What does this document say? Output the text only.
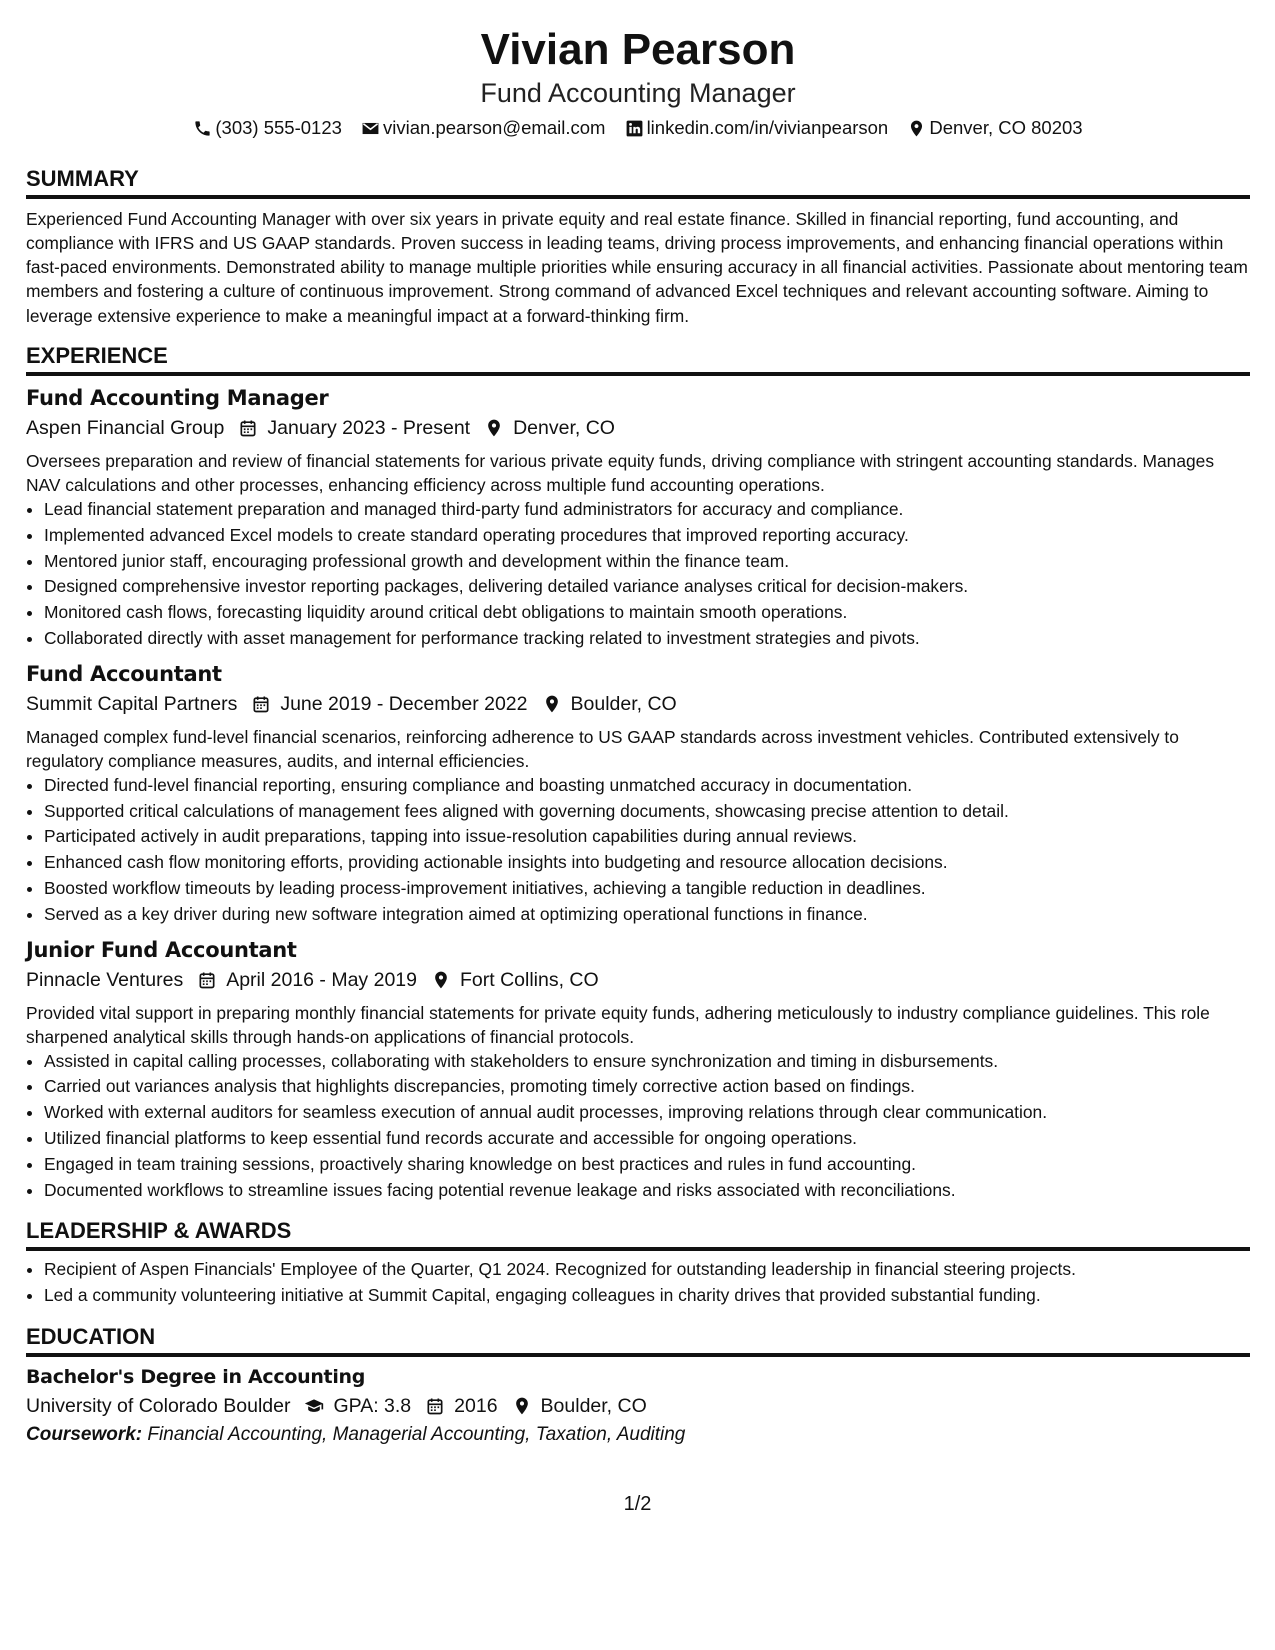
Vivian Pearson
Fund Accounting Manager
(303) 555-0123
vivian.pearson@email.com
linkedin.com/in/vivianpearson
Denver, CO 80203
SUMMARY

Experienced Fund Accounting Manager with over six years in private equity and real estate finance. Skilled in financial reporting, fund accounting, and compliance with IFRS and US GAAP standards. Proven success in leading teams, driving process improvements, and enhancing financial operations within fast-paced environments. Demonstrated ability to manage multiple priorities while ensuring accuracy in all financial activities. Passionate about mentoring team members and fostering a culture of continuous improvement. Strong command of advanced Excel techniques and relevant accounting software. Aiming to leverage extensive experience to make a meaningful impact at a forward-thinking firm.

EXPERIENCE
Fund Accounting Manager
Aspen Financial Group January 2023 - Present Denver, CO

Oversees preparation and review of financial statements for various private equity funds, driving compliance with stringent accounting standards. Manages NAV calculations and other processes, enhancing efficiency across multiple fund accounting operations.

• Lead financial statement preparation and managed third-party fund administrators for accuracy and compliance.
• Implemented advanced Excel models to create standard operating procedures that improved reporting accuracy.
• Mentored junior staff, encouraging professional growth and development within the finance team.
• Designed comprehensive investor reporting packages, delivering detailed variance analyses critical for decision-makers.
• Monitored cash flows, forecasting liquidity around critical debt obligations to maintain smooth operations.
• Collaborated directly with asset management for performance tracking related to investment strategies and pivots.
Fund Accountant
Summit Capital Partners June 2019 - December 2022 Boulder, CO

Managed complex fund-level financial scenarios, reinforcing adherence to US GAAP standards across investment vehicles. Contributed extensively to regulatory compliance measures, audits, and internal efficiencies.

• Directed fund-level financial reporting, ensuring compliance and boasting unmatched accuracy in documentation.
• Supported critical calculations of management fees aligned with governing documents, showcasing precise attention to detail.
• Participated actively in audit preparations, tapping into issue-resolution capabilities during annual reviews.
• Enhanced cash flow monitoring efforts, providing actionable insights into budgeting and resource allocation decisions.
• Boosted workflow timeouts by leading process-improvement initiatives, achieving a tangible reduction in deadlines.
• Served as a key driver during new software integration aimed at optimizing operational functions in finance.
Junior Fund Accountant
Pinnacle Ventures April 2016 - May 2019 Fort Collins, CO

Provided vital support in preparing monthly financial statements for private equity funds, adhering meticulously to industry compliance guidelines. This role sharpened analytical skills through hands-on applications of financial protocols.

• Assisted in capital calling processes, collaborating with stakeholders to ensure synchronization and timing in disbursements.
• Carried out variances analysis that highlights discrepancies, promoting timely corrective action based on findings.
• Worked with external auditors for seamless execution of annual audit processes, improving relations through clear communication.
• Utilized financial platforms to keep essential fund records accurate and accessible for ongoing operations.
• Engaged in team training sessions, proactively sharing knowledge on best practices and rules in fund accounting.
• Documented workflows to streamline issues facing potential revenue leakage and risks associated with reconciliations.
LEADERSHIP & AWARDS
• Recipient of Aspen Financials' Employee of the Quarter, Q1 2024. Recognized for outstanding leadership in financial steering projects.
• Led a community volunteering initiative at Summit Capital, engaging colleagues in charity drives that provided substantial funding.
EDUCATION
Bachelor's Degree in Accounting
University of Colorado Boulder GPA: 3.8 2016 Boulder, CO
Coursework: Financial Accounting, Managerial Accounting, Taxation, Auditing
1/2
